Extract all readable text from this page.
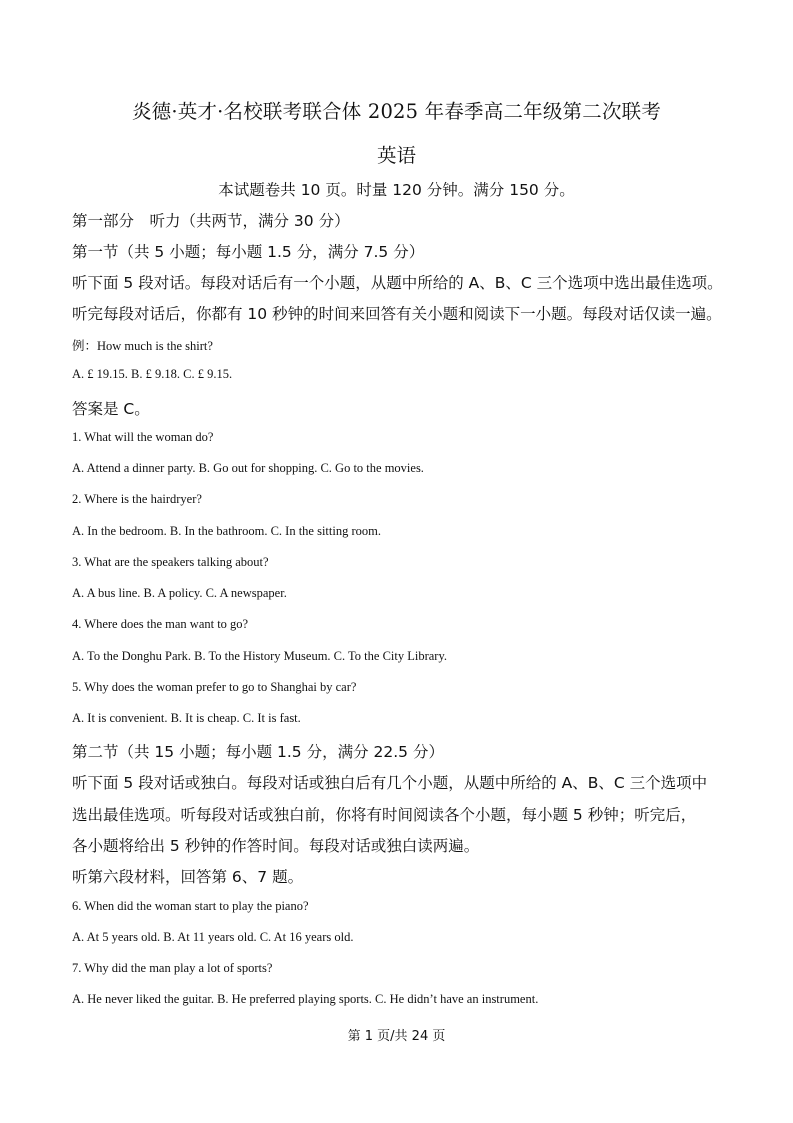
炎德·英才·名校联考联合体 2025 年春季高二年级第二次联考
英语
本试题卷共 10 页。时量 120 分钟。满分 150 分。
第一部分　听力（共两节，满分 30 分）
第一节（共 5 小题；每小题 1.5 分，满分 7.5 分）
听下面 5 段对话。每段对话后有一个小题，从题中所给的 A、B、C 三个选项中选出最佳选项。
听完每段对话后，你都有 10 秒钟的时间来回答有关小题和阅读下一小题。每段对话仅读一遍。
例：How much is the shirt?
A. £ 19.15. B. £ 9.18. C. £ 9.15.
答案是 C。
1. What will the woman do?
A. Attend a dinner party. B. Go out for shopping. C. Go to the movies.
2. Where is the hairdryer?
A. In the bedroom. B. In the bathroom. C. In the sitting room.
3. What are the speakers talking about?
A. A bus line. B. A policy. C. A newspaper.
4. Where does the man want to go?
A. To the Donghu Park. B. To the History Museum. C. To the City Library.
5. Why does the woman prefer to go to Shanghai by car?
A. It is convenient. B. It is cheap. C. It is fast.
第二节（共 15 小题；每小题 1.5 分，满分 22.5 分）
听下面 5 段对话或独白。每段对话或独白后有几个小题，从题中所给的 A、B、C 三个选项中
选出最佳选项。听每段对话或独白前，你将有时间阅读各个小题，每小题 5 秒钟；听完后，
各小题将给出 5 秒钟的作答时间。每段对话或独白读两遍。
听第六段材料，回答第 6、7 题。
6. When did the woman start to play the piano?
A. At 5 years old. B. At 11 years old. C. At 16 years old.
7. Why did the man play a lot of sports?
A. He never liked the guitar. B. He preferred playing sports. C. He didn’t have an instrument.
第 1 页/共 24 页
